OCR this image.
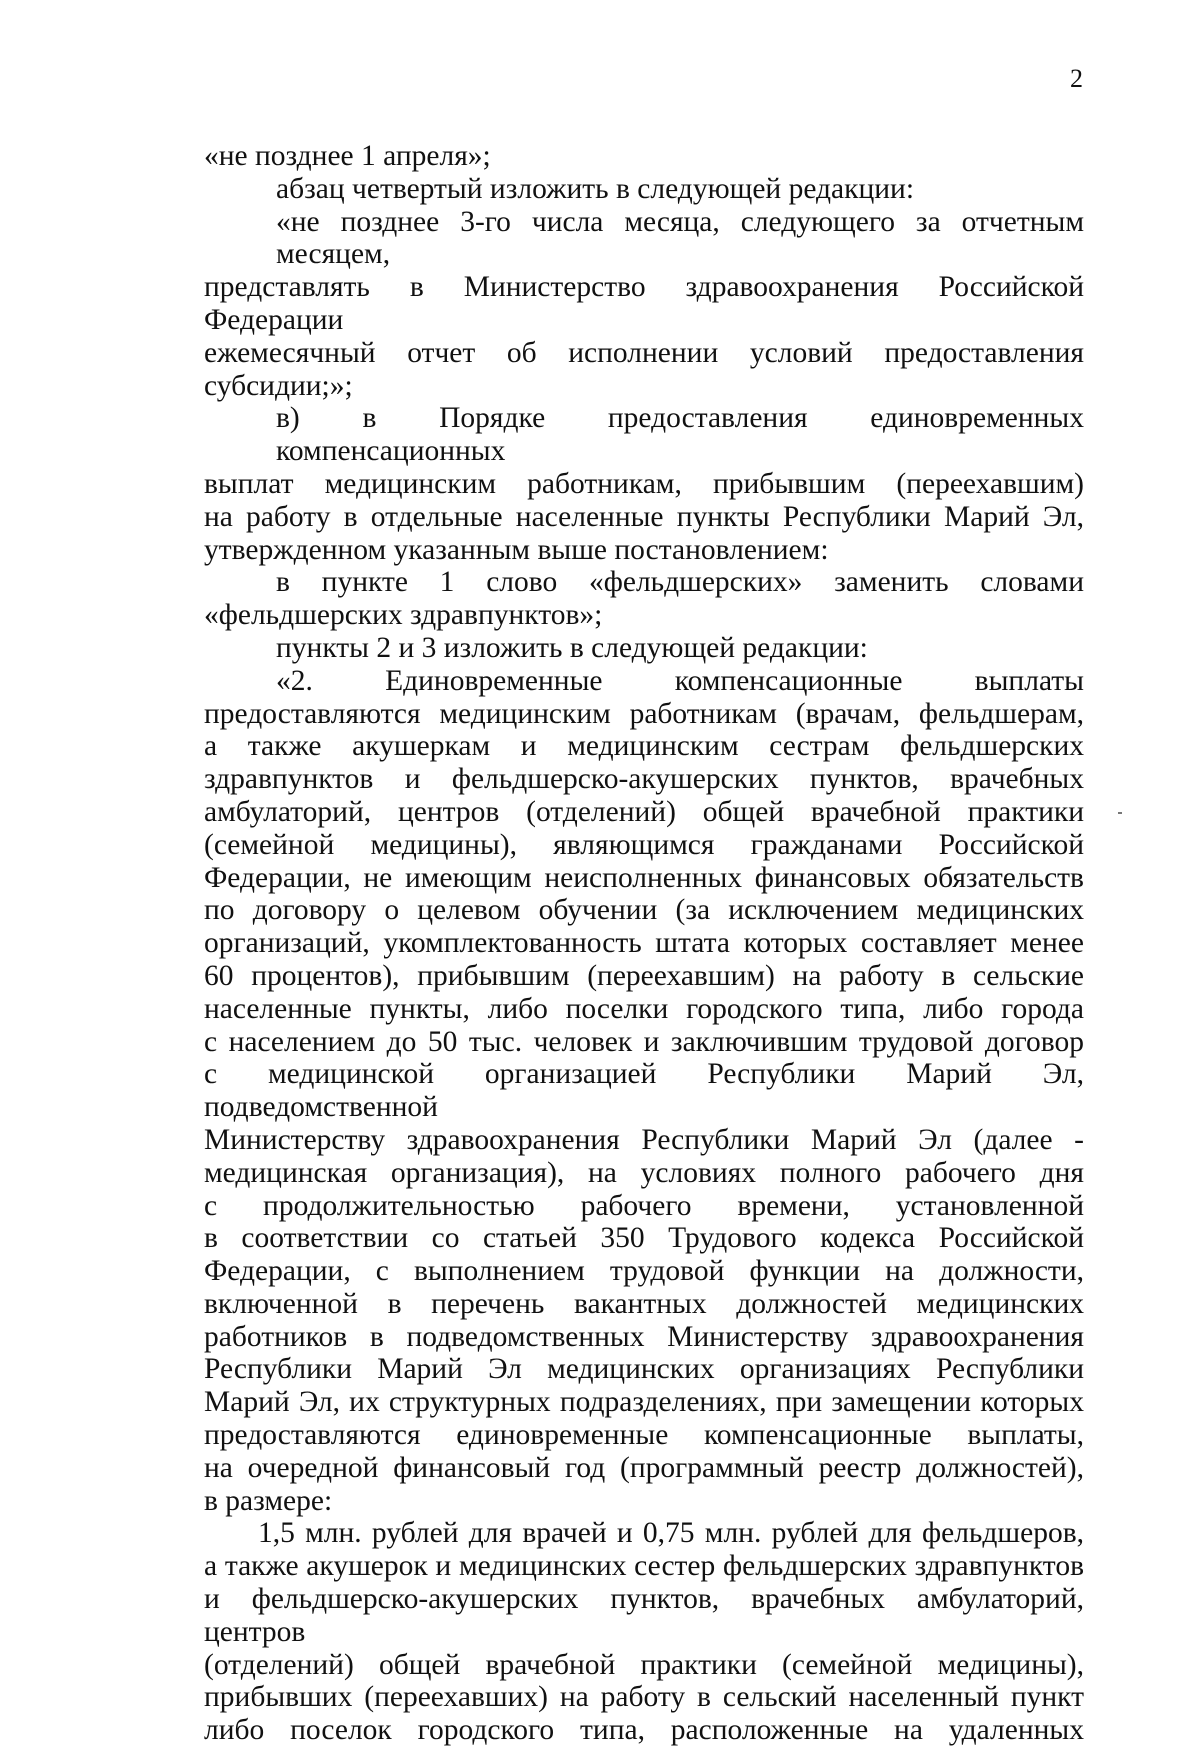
2
«не позднее 1 апреля»;
абзац четвертый изложить в следующей редакции:
«не позднее 3-го числа месяца, следующего за отчетным месяцем,
представлять в Министерство здравоохранения Российской Федерации
ежемесячный отчет об исполнении условий предоставления
субсидии;»;
в) в Порядке предоставления единовременных компенсационных
выплат медицинским работникам, прибывшим (переехавшим)
на работу в отдельные населенные пункты Республики Марий Эл,
утвержденном указанным выше постановлением:
в пункте 1 слово «фельдшерских» заменить словами
«фельдшерских здравпунктов»;
пункты 2 и 3 изложить в следующей редакции:
«2. Единовременные компенсационные выплаты
предоставляются медицинским работникам (врачам, фельдшерам,
а также акушеркам и медицинским сестрам фельдшерских
здравпунктов и фельдшерско-акушерских пунктов, врачебных
амбулаторий, центров (отделений) общей врачебной практики
(семейной медицины), являющимся гражданами Российской
Федерации, не имеющим неисполненных финансовых обязательств
по договору о целевом обучении (за исключением медицинских
организаций, укомплектованность штата которых составляет менее
60 процентов), прибывшим (переехавшим) на работу в сельские
населенные пункты, либо поселки городского типа, либо города
с населением до 50 тыс. человек и заключившим трудовой договор
с медицинской организацией Республики Марий Эл, подведомственной
Министерству здравоохранения Республики Марий Эл (далее -
медицинская организация), на условиях полного рабочего дня
с продолжительностью рабочего времени, установленной
в соответствии со статьей 350 Трудового кодекса Российской
Федерации, с выполнением трудовой функции на должности,
включенной в перечень вакантных должностей медицинских
работников в подведомственных Министерству здравоохранения
Республики Марий Эл медицинских организациях Республики
Марий Эл, их структурных подразделениях, при замещении которых
предоставляются единовременные компенсационные выплаты,
на очередной финансовый год (программный реестр должностей),
в размере:
1,5 млн. рублей для врачей и 0,75 млн. рублей для фельдшеров,
а также акушерок и медицинских сестер фельдшерских здравпунктов
и фельдшерско-акушерских пунктов, врачебных амбулаторий, центров
(отделений) общей врачебной практики (семейной медицины),
прибывших (переехавших) на работу в сельский населенный пункт
либо поселок городского типа, расположенные на удаленных
